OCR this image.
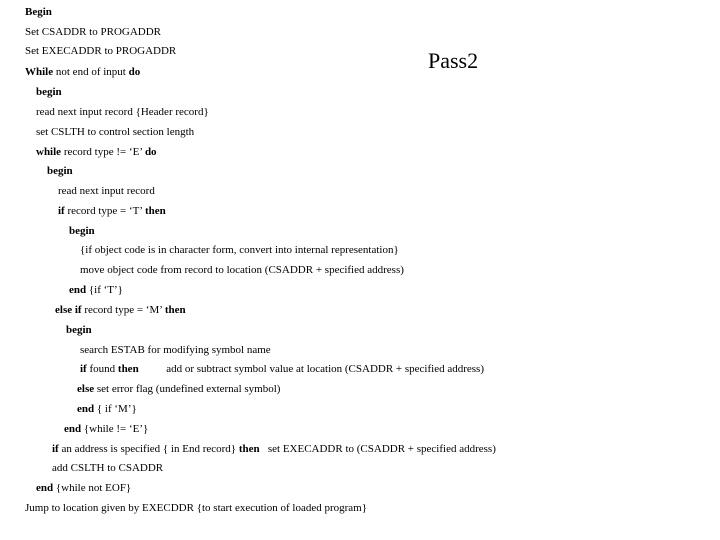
Pass2
Begin
Set CSADDR to PROGADDR
Set EXECADDR to PROGADDR
While not end of input do
begin
read next input record {Header record}
set CSLTH to control section length
while record type != ‘E’ do
begin
read next input record
if record type = ‘T’ then
begin
{if object code is in character form, convert into internal representation}
move object code from record to location (CSADDR + specified address)
end {if ‘T’}
else if record type = ‘M’ then
begin
search ESTAB for modifying symbol name
if found then          add or subtract symbol value at location (CSADDR + specified address)
else set error flag (undefined external symbol)
end { if ‘M’}
end {while != ‘E’}
if an address is specified { in End record} then   set EXECADDR to (CSADDR + specified address)
add CSLTH to CSADDR
end {while not EOF}
Jump to location given by EXECDDR {to start execution of loaded program}
